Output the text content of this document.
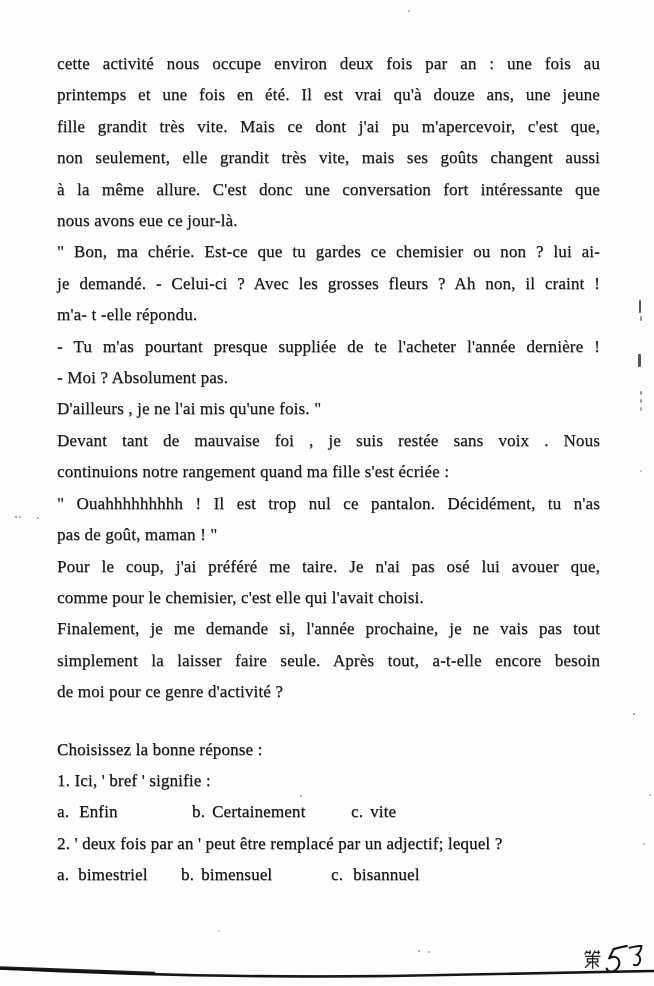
cette activité nous occupe environ deux fois par an : une fois au
printemps et une fois en été. Il est vrai qu'à douze ans, une jeune
fille grandit très vite. Mais ce dont j'ai pu m'apercevoir, c'est que,
non seulement, elle grandit très vite, mais ses goûts changent aussi
à la même allure. C'est donc une conversation fort intéressante que
nous avons eue ce jour-là.
" Bon, ma chérie. Est-ce que tu gardes ce chemisier ou non ? lui ai-
je demandé. - Celui-ci ? Avec les grosses fleurs ? Ah non, il craint !
m'a- t -elle répondu.
- Tu m'as pourtant presque suppliée de te l'acheter l'année dernière !
- Moi ? Absolument pas.
D'ailleurs , je ne l'ai mis qu'une fois. "
Devant tant de mauvaise foi , je suis restée sans voix . Nous
continuions notre rangement quand ma fille s'est écriée :
" Ouahhhhhhhhh ! Il est trop nul ce pantalon. Décidément, tu n'as
pas de goût, maman ! "
Pour le coup, j'ai préféré me taire. Je n'ai pas osé lui avouer que,
comme pour le chemisier, c'est elle qui l'avait choisi.
Finalement, je me demande si, l'année prochaine, je ne vais pas tout
simplement la laisser faire seule. Après tout, a-t-elle encore besoin
de moi pour ce genre d'activité ?
Choisissez la bonne réponse :
1. Ici, ' bref ' signifie :
a. Enfin	b. Certainement	c. vite
2. ' deux fois par an ' peut être remplacé par un adjectif; lequel ?
a. bimestriel	b. bimensuel	c. bisannuel
